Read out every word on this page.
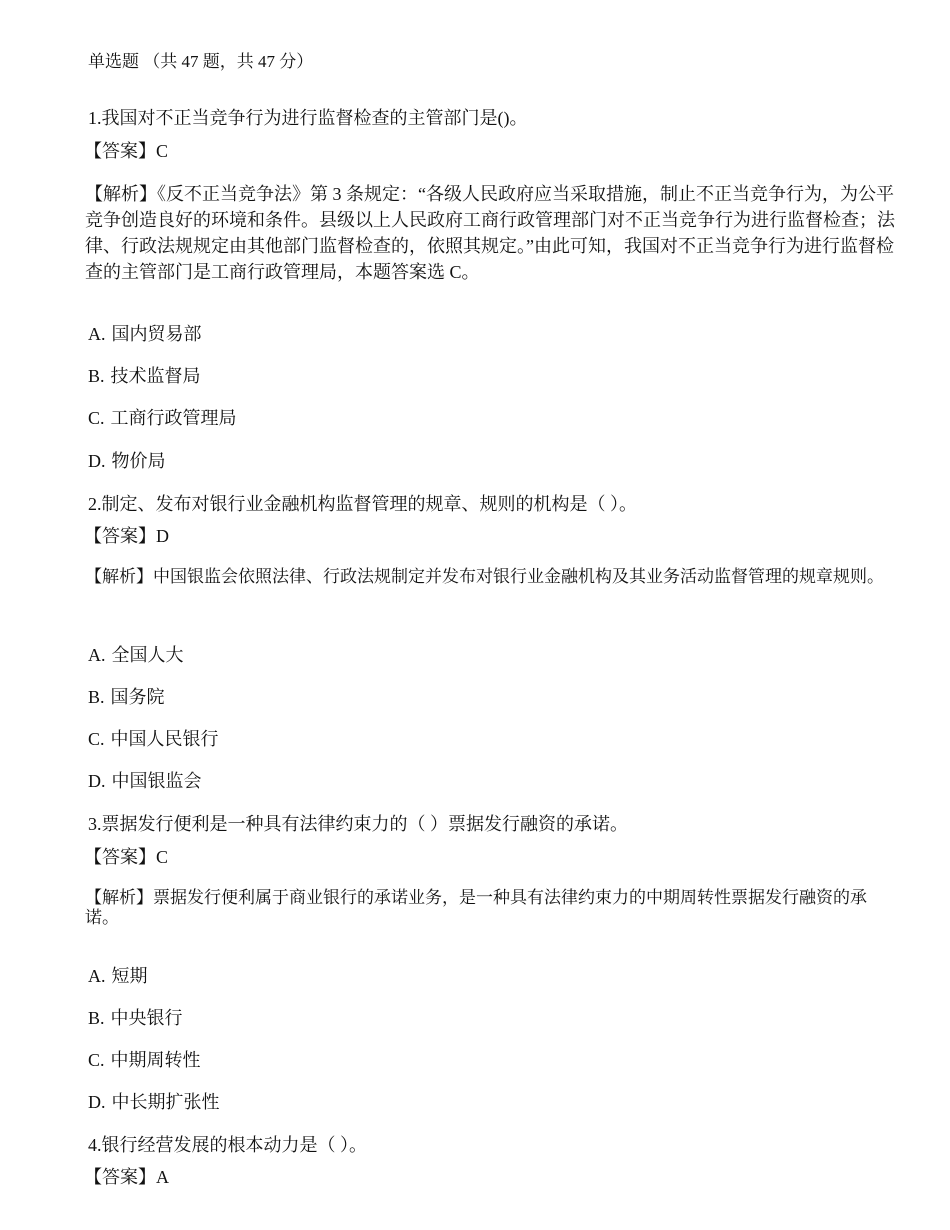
单选题 （共 47 题，共 47 分）
1.我国对不正当竞争行为进行监督检查的主管部门是()。
【答案】C
【解析】《反不正当竞争法》第 3 条规定：“各级人民政府应当采取措施，制止不正当竞争行为，为公平竞争创造良好的环境和条件。县级以上人民政府工商行政管理部门对不正当竞争行为进行监督检查；法律、行政法规规定由其他部门监督检查的，依照其规定。”由此可知，我国对不正当竞争行为进行监督检查的主管部门是工商行政管理局，本题答案选 C。
A. 国内贸易部
B. 技术监督局
C. 工商行政管理局
D. 物价局
2.制定、发布对银行业金融机构监督管理的规章、规则的机构是（ ）。
【答案】D
【解析】中国银监会依照法律、行政法规制定并发布对银行业金融机构及其业务活动监督管理的规章规则。
A. 全国人大
B. 国务院
C. 中国人民银行
D. 中国银监会
3.票据发行便利是一种具有法律约束力的（ ）票据发行融资的承诺。
【答案】C
【解析】票据发行便利属于商业银行的承诺业务，是一种具有法律约束力的中期周转性票据发行融资的承诺。
A. 短期
B. 中央银行
C. 中期周转性
D. 中长期扩张性
4.银行经营发展的根本动力是（ ）。
【答案】A
